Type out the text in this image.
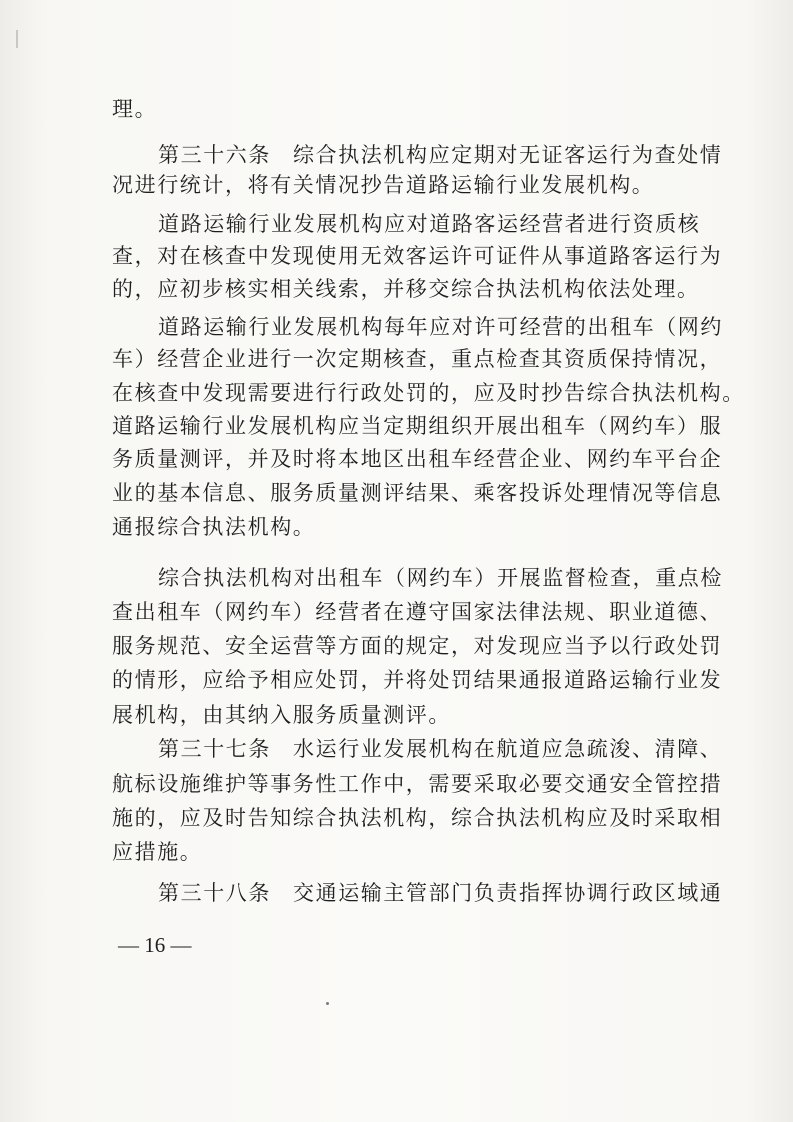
理。
第三十六条 综合执法机构应定期对无证客运行为查处情
况进行统计，将有关情况抄告道路运输行业发展机构。
道路运输行业发展机构应对道路客运经营者进行资质核
查，对在核查中发现使用无效客运许可证件从事道路客运行为
的，应初步核实相关线索，并移交综合执法机构依法处理。
道路运输行业发展机构每年应对许可经营的出租车（网约
车）经营企业进行一次定期核查，重点检查其资质保持情况，
在核查中发现需要进行行政处罚的，应及时抄告综合执法机构。
道路运输行业发展机构应当定期组织开展出租车（网约车）服
务质量测评，并及时将本地区出租车经营企业、网约车平台企
业的基本信息、服务质量测评结果、乘客投诉处理情况等信息
通报综合执法机构。
综合执法机构对出租车（网约车）开展监督检查，重点检
查出租车（网约车）经营者在遵守国家法律法规、职业道德、
服务规范、安全运营等方面的规定，对发现应当予以行政处罚
的情形，应给予相应处罚，并将处罚结果通报道路运输行业发
展机构，由其纳入服务质量测评。
第三十七条 水运行业发展机构在航道应急疏浚、清障、
航标设施维护等事务性工作中，需要采取必要交通安全管控措
施的，应及时告知综合执法机构，综合执法机构应及时采取相
应措施。
第三十八条 交通运输主管部门负责指挥协调行政区域通
— 16 —
